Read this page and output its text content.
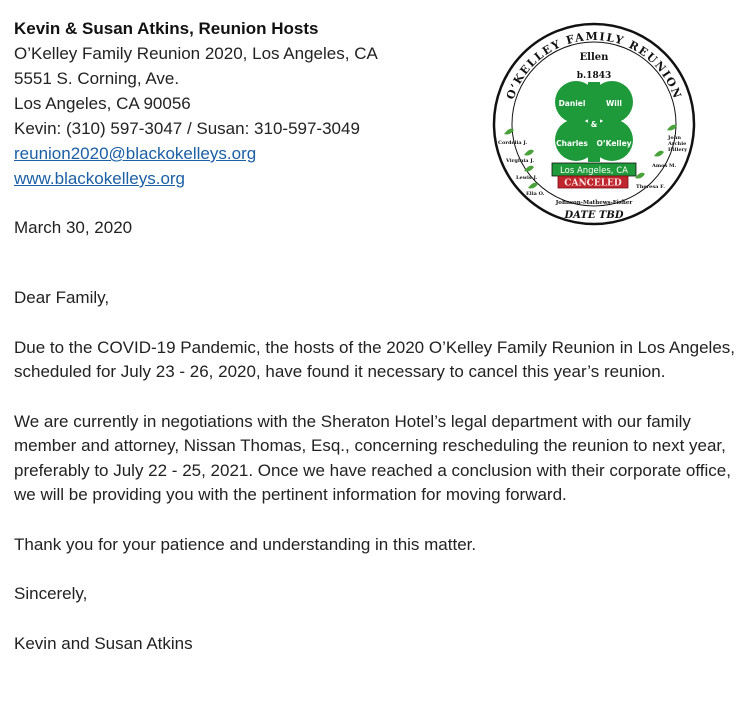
Kevin & Susan Atkins, Reunion Hosts
O’Kelley Family Reunion 2020, Los Angeles, CA
5551 S. Corning, Ave.
Los Angeles, CA 90056
Kevin: (310) 597-3047 / Susan: 310-597-3049
reunion2020@blackokelleys.org
www.blackokelleys.org
March 30, 2020

Dear Family,

Due to the COVID-19 Pandemic, the hosts of the 2020 O’Kelley Family Reunion in Los Angeles, scheduled for July 23 - 26, 2020, have found it necessary to cancel this year’s reunion.

We are currently in negotiations with the Sheraton Hotel’s legal department with our family member and attorney, Nissan Thomas, Esq., concerning rescheduling the reunion to next year, preferably to July 22 - 25, 2021. Once we have reached a conclusion with their corporate office, we will be providing you with the pertinent information for moving forward.

Thank you for your patience and understanding in this matter.

Sincerely,

Kevin and Susan Atkins

O’KELLEY FAMILY REUNION
Ellen
b.1843
Daniel	Will
&
Charles O’Kelley
Los Angeles, CA
CANCELED
Johnson-Mathews-Fisher
DATE TBD
Cordelia J.
Virginia J.
Lewis J.
Ella O.
John
Archie
Hillery
Amos M.
Theresa F.
